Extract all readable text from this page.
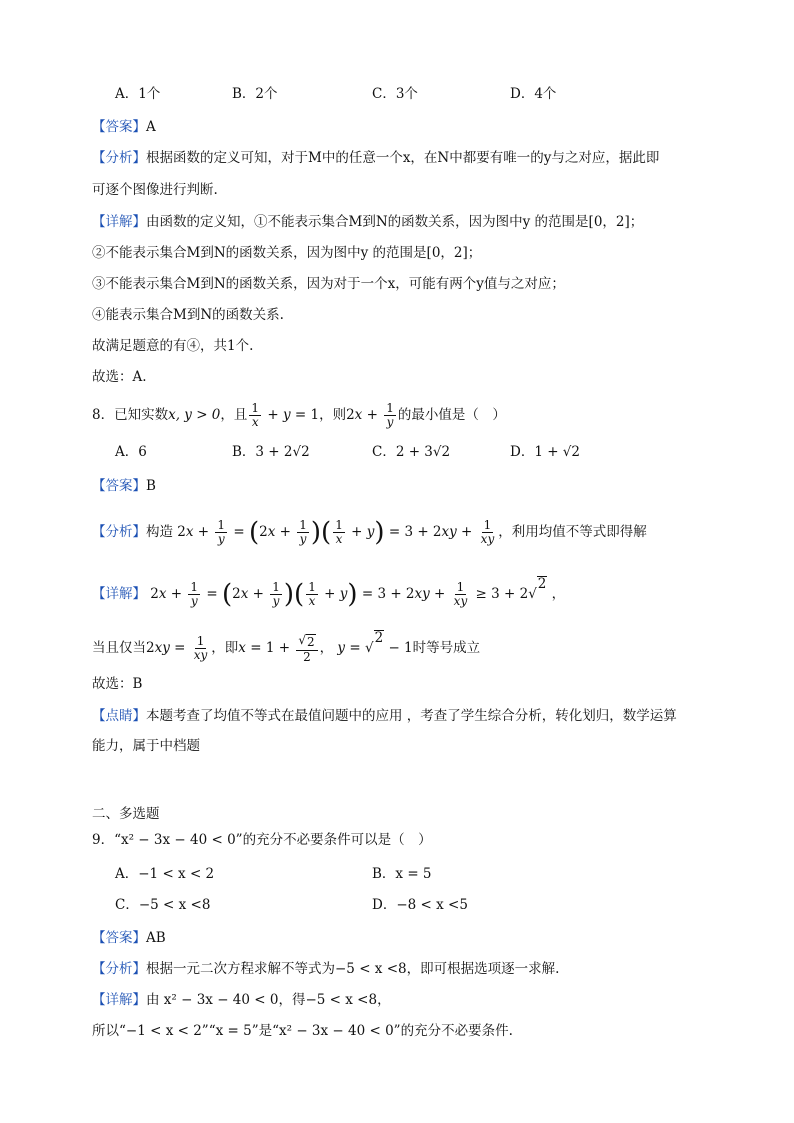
A．1个	B．2个	C．3个	D．4个
【答案】A
【分析】根据函数的定义可知，对于M中的任意一个x，在N中都要有唯一的y与之对应，据此即
可逐个图像进行判断.
【详解】由函数的定义知，①不能表示集合M到N的函数关系，因为图中y 的范围是[0，2]；
②不能表示集合M到N的函数关系，因为图中y 的范围是[0，2]；
③不能表示集合M到N的函数关系，因为对于一个x，可能有两个y值与之对应；
④能表示集合M到N的函数关系.
故满足题意的有④，共1个.
故选：A.
8．已知实数x, y > 0，且 $\frac{1}{x} + y = 1$，则$2x + \frac{1}{y}$ 的最小值是（　）
A．6	B．3 + 2√2	C．2 + 3√2	D．1 + √2
【答案】B
【分析】构造 $2x + \frac{1}{y} = (2x + \frac{1}{y}$ )( $\frac{1}{x} + y) = 3 + 2xy + \frac{1}{xy}$ ，利用均值不等式即得解
【详解】 $2x + \frac{1}{y} = (2x + \frac{1}{y}$ )( $\frac{1}{x} + y) = 3 + 2xy + \frac{1}{xy} \ge 3 + 2√$
2
，
当且仅当$2xy = \frac{1}{xy}$ ，即$x = 1 + \frac{√ 2}{2}$ ， y = √
2
− 1时等号成立
故选：B
【点睛】本题考查了均值不等式在最值问题中的应用 ，考查了学生综合分析，转化划归，数学运算
能力，属于中档题
二、多选题
9．“x² − 3x − 40 < 0”的充分不必要条件可以是（　）
A．−1 < x < 2	B．x = 5
C．−5 < x <8	D．−8 < x <5
【答案】AB
【分析】根据一元二次方程求解不等式为−5 < x <8，即可根据选项逐一求解.
【详解】由 x² − 3x − 40 < 0，得−5 < x <8，
所以“−1 < x < 2”“x = 5”是“x² − 3x − 40 < 0”的充分不必要条件.
